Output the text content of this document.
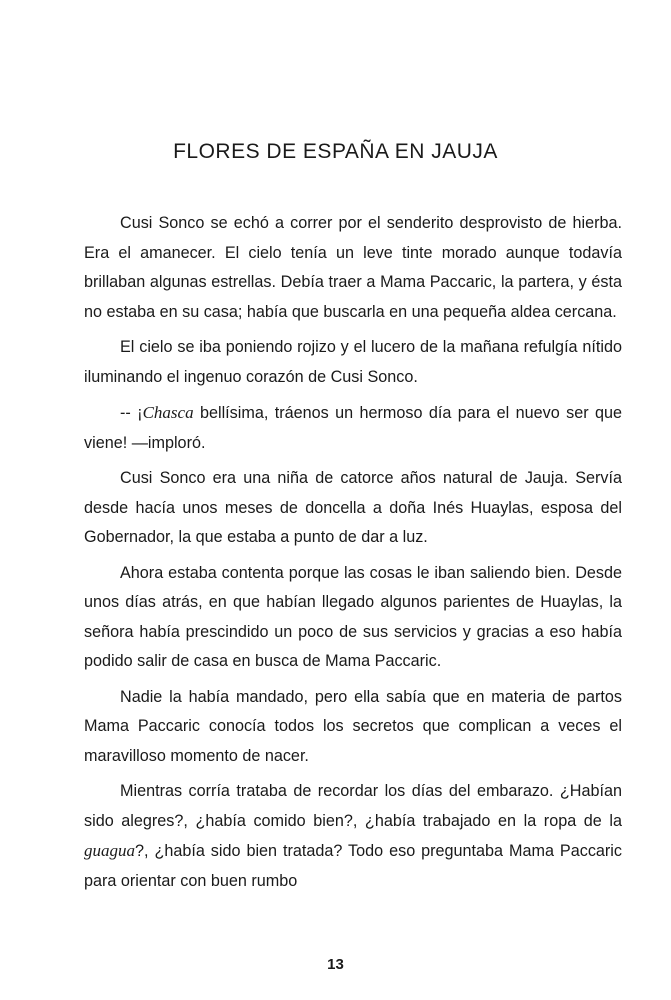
FLORES DE ESPAÑA EN JAUJA

Cusi Sonco se echó a correr por el senderito desprovisto de hierba. Era el amanecer. El cielo tenía un leve tinte morado aunque todavía brillaban algunas estrellas. Debía traer a Mama Paccaric, la partera, y ésta no estaba en su casa; había que buscarla en una pequeña aldea cercana.

El cielo se iba poniendo rojizo y el lucero de la mañana refulgía nítido iluminando el ingenuo corazón de Cusi Sonco.

-- ¡Chasca bellísima, tráenos un hermoso día para el nuevo ser que viene! —imploró.

Cusi Sonco era una niña de catorce años natural de Jauja. Servía desde hacía unos meses de doncella a doña Inés Huaylas, esposa del Gobernador, la que estaba a punto de dar a luz.

Ahora estaba contenta porque las cosas le iban saliendo bien. Desde unos días atrás, en que habían llegado algunos parientes de Huaylas, la señora había prescindido un poco de sus servicios y gracias a eso había podido salir de casa en busca de Mama Paccaric.

Nadie la había mandado, pero ella sabía que en materia de partos Mama Paccaric conocía todos los secretos que complican a veces el maravilloso momento de nacer.

Mientras corría trataba de recordar los días del embarazo. ¿Habían sido alegres?, ¿había comido bien?, ¿había trabajado en la ropa de la guagua?, ¿había sido bien tratada? Todo eso preguntaba Mama Paccaric para orientar con buen rumbo

13
